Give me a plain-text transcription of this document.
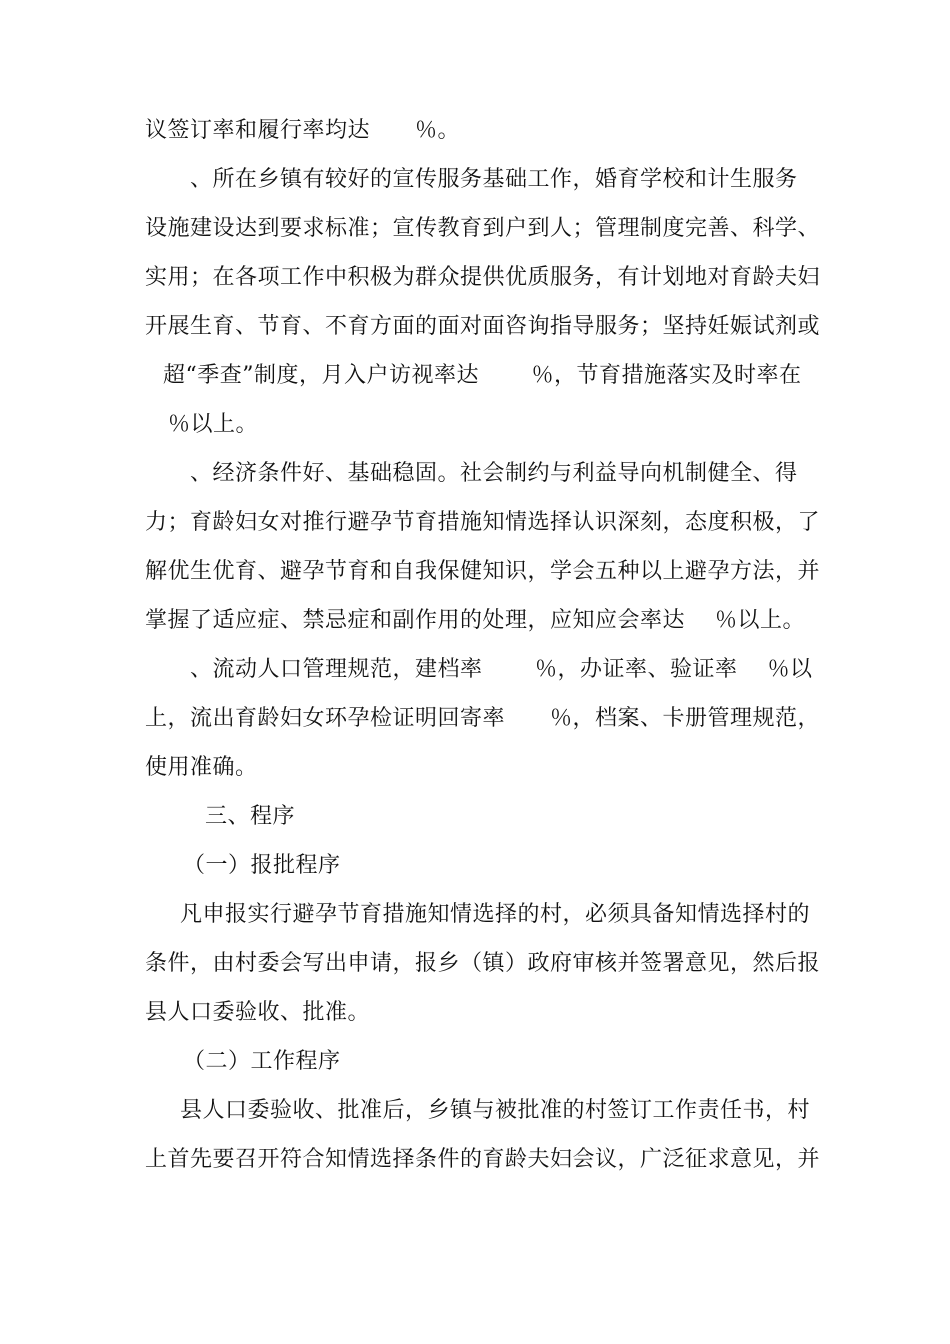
议签订率和履行率均达　　％。
、所在乡镇有较好的宣传服务基础工作，婚育学校和计生服务
设施建设达到要求标准；宣传教育到户到人；管理制度完善、科学、
实用；在各项工作中积极为群众提供优质服务，有计划地对育龄夫妇
开展生育、节育、不育方面的面对面咨询指导服务；坚持妊娠试剂或
超“季查”制度，月入户访视率达　　 ％，节育措施落实及时率在
％以上。
、经济条件好、基础稳固。社会制约与利益导向机制健全、得
力；育龄妇女对推行避孕节育措施知情选择认识深刻，态度积极，了
解优生优育、避孕节育和自我保健知识，学会五种以上避孕方法，并
掌握了适应症、禁忌症和副作用的处理，应知应会率达　 ％以上。
、流动人口管理规范，建档率　　 ％，办证率、验证率　 ％以
上，流出育龄妇女环孕检证明回寄率　　％，档案、卡册管理规范，
使用准确。
三、程序
（一）报批程序
凡申报实行避孕节育措施知情选择的村，必须具备知情选择村的
条件，由村委会写出申请，报乡（镇）政府审核并签署意见，然后报
县人口委验收、批准。
（二）工作程序
县人口委验收、批准后，乡镇与被批准的村签订工作责任书，村
上首先要召开符合知情选择条件的育龄夫妇会议，广泛征求意见，并
